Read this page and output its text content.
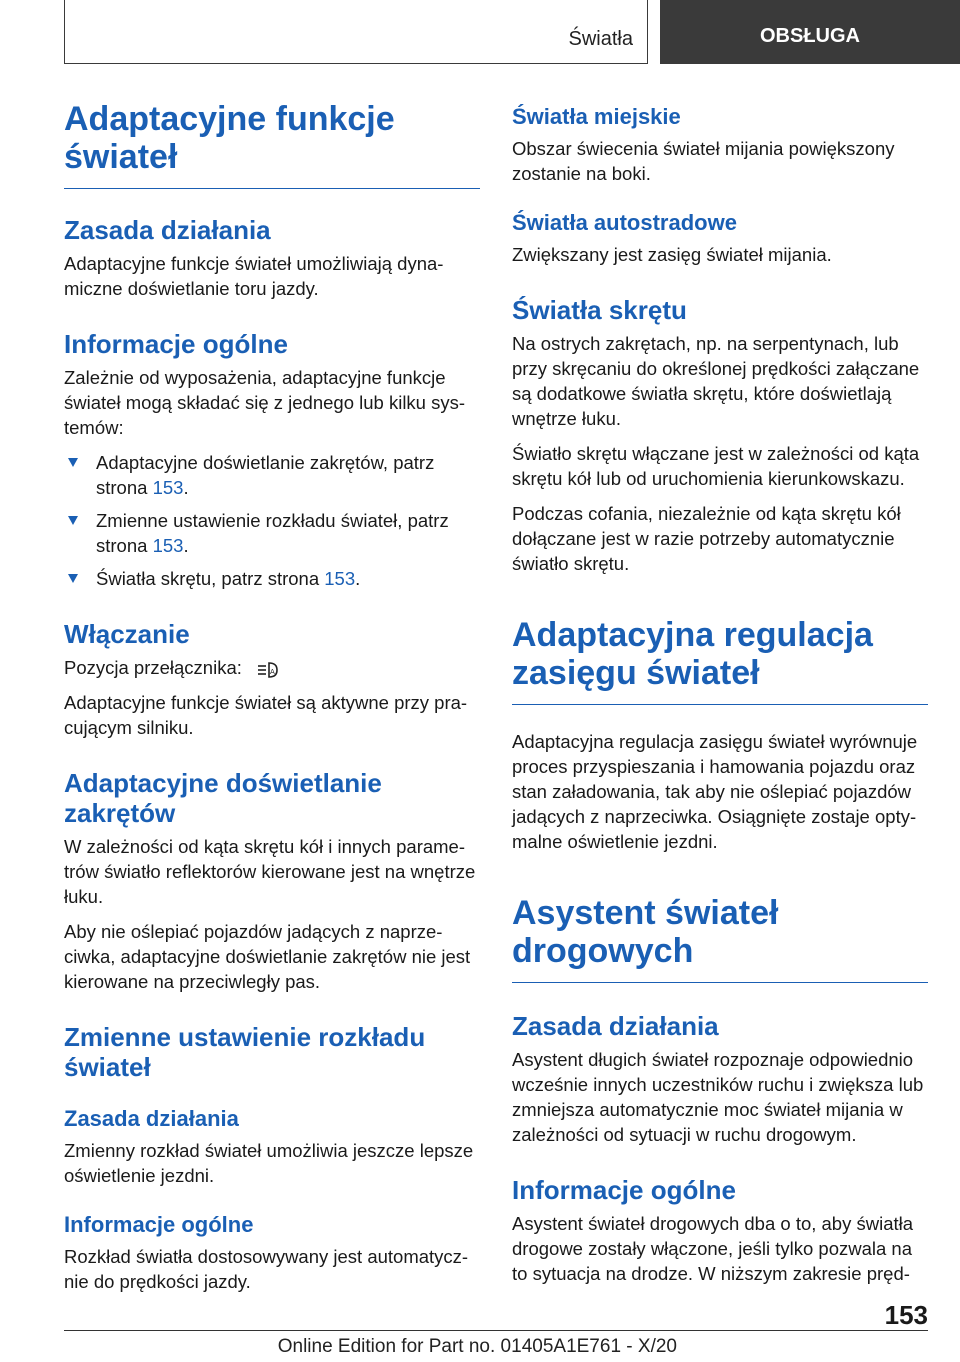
Światła	OBSŁUGA
Adaptacyjne funkcje świateł
Zasada działania

Adaptacyjne funkcje świateł umożliwiają dynamiczne doświetlanie toru jazdy.

Informacje ogólne

Zależnie od wyposażenia, adaptacyjne funkcje świateł mogą składać się z jednego lub kilku systemów:

Adaptacyjne doświetlanie zakrętów, patrz strona 153.
Zmienne ustawienie rozkładu świateł, patrz strona 153.
Światła skrętu, patrz strona 153.
Włączanie

Pozycja przełącznika:	A

Adaptacyjne funkcje świateł są aktywne przy pracującym silniku.

Adaptacyjne doświetlanie zakrętów

W zależności od kąta skrętu kół i innych parametrów światło reflektorów kierowane jest na wnętrze łuku.

Aby nie oślepiać pojazdów jadących z naprzeciwka, adaptacyjne doświetlanie zakrętów nie jest kierowane na przeciwległy pas.

Zmienne ustawienie rozkładu świateł
Zasada działania

Zmienny rozkład świateł umożliwia jeszcze lepsze oświetlenie jezdni.

Informacje ogólne

Rozkład światła dostosowywany jest automatycznie do prędkości jazdy.

Światła miejskie

Obszar świecenia świateł mijania powiększony zostanie na boki.

Światła autostradowe

Zwiększany jest zasięg świateł mijania.

Światła skrętu

Na ostrych zakrętach, np. na serpentynach, lub przy skręcaniu do określonej prędkości załączane są dodatkowe światła skrętu, które doświetlają wnętrze łuku.

Światło skrętu włączane jest w zależności od kąta skrętu kół lub od uruchomienia kierunkowskazu.

Podczas cofania, niezależnie od kąta skrętu kół dołączane jest w razie potrzeby automatycznie światło skrętu.

Adaptacyjna regulacja zasięgu świateł

Adaptacyjna regulacja zasięgu świateł wyrównuje proces przyspieszania i hamowania pojazdu oraz stan załadowania, tak aby nie oślepiać pojazdów jadących z naprzeciwka. Osiągnięte zostaje optymalne oświetlenie jezdni.

Asystent świateł drogowych
Zasada działania

Asystent długich świateł rozpoznaje odpowiednio wcześnie innych uczestników ruchu i zwiększa lub zmniejsza automatycznie moc świateł mijania w zależności od sytuacji w ruchu drogowym.

Informacje ogólne

Asystent świateł drogowych dba o to, aby światła drogowe zostały włączone, jeśli tylko pozwala na to sytuacja na drodze. W niższym zakresie pręd-

153
Online Edition for Part no. 01405A1E761 - X/20
